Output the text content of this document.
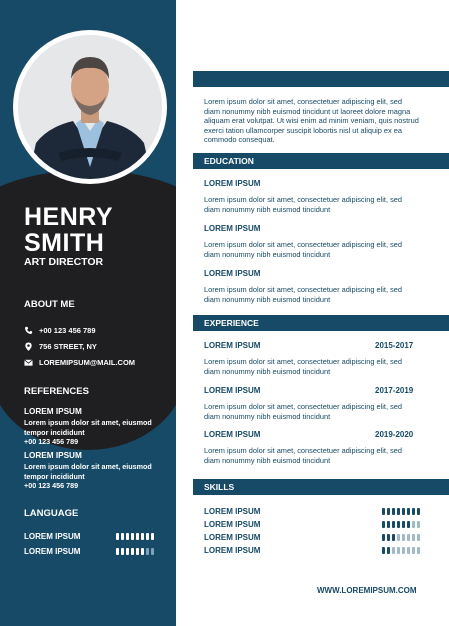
HENRY
SMITH
ART DIRECTOR
ABOUT ME
+00 123 456 789
756 STREET, NY
LOREMIPSUM@MAIL.COM
REFERENCES
LOREM IPSUM
Lorem ipsum dolor sit amet, eiusmod tempor incididunt
+00 123 456 789
LOREM IPSUM
Lorem ipsum dolor sit amet, eiusmod tempor incididunt
+00 123 456 789
LANGUAGE
LOREM IPSUM
LOREM IPSUM
Lorem ipsum dolor sit amet, consectetuer adipiscing elit, sed diam nonummy nibh euismod tincidunt ut laoreet dolore magna aliquam erat volutpat. Ut wisi enim ad minim veniam, quis nostrud exerci tation ullamcorper suscipit lobortis nisl ut aliquip ex ea commodo consequat.
EDUCATION
LOREM IPSUM
Lorem ipsum dolor sit amet, consectetuer adipiscing elit, sed diam nonummy nibh euismod tincidunt
LOREM IPSUM
Lorem ipsum dolor sit amet, consectetuer adipiscing elit, sed diam nonummy nibh euismod tincidunt
LOREM IPSUM
Lorem ipsum dolor sit amet, consectetuer adipiscing elit, sed diam nonummy nibh euismod tincidunt
EXPERIENCE
LOREM IPSUM	2015-2017
Lorem ipsum dolor sit amet, consectetuer adipiscing elit, sed diam nonummy nibh euismod tincidunt
LOREM IPSUM	2017-2019
Lorem ipsum dolor sit amet, consectetuer adipiscing elit, sed diam nonummy nibh euismod tincidunt
LOREM IPSUM	2019-2020
Lorem ipsum dolor sit amet, consectetuer adipiscing elit, sed diam nonummy nibh euismod tincidunt
SKILLS
LOREM IPSUM
LOREM IPSUM
LOREM IPSUM
LOREM IPSUM
WWW.LOREMIPSUM.COM
